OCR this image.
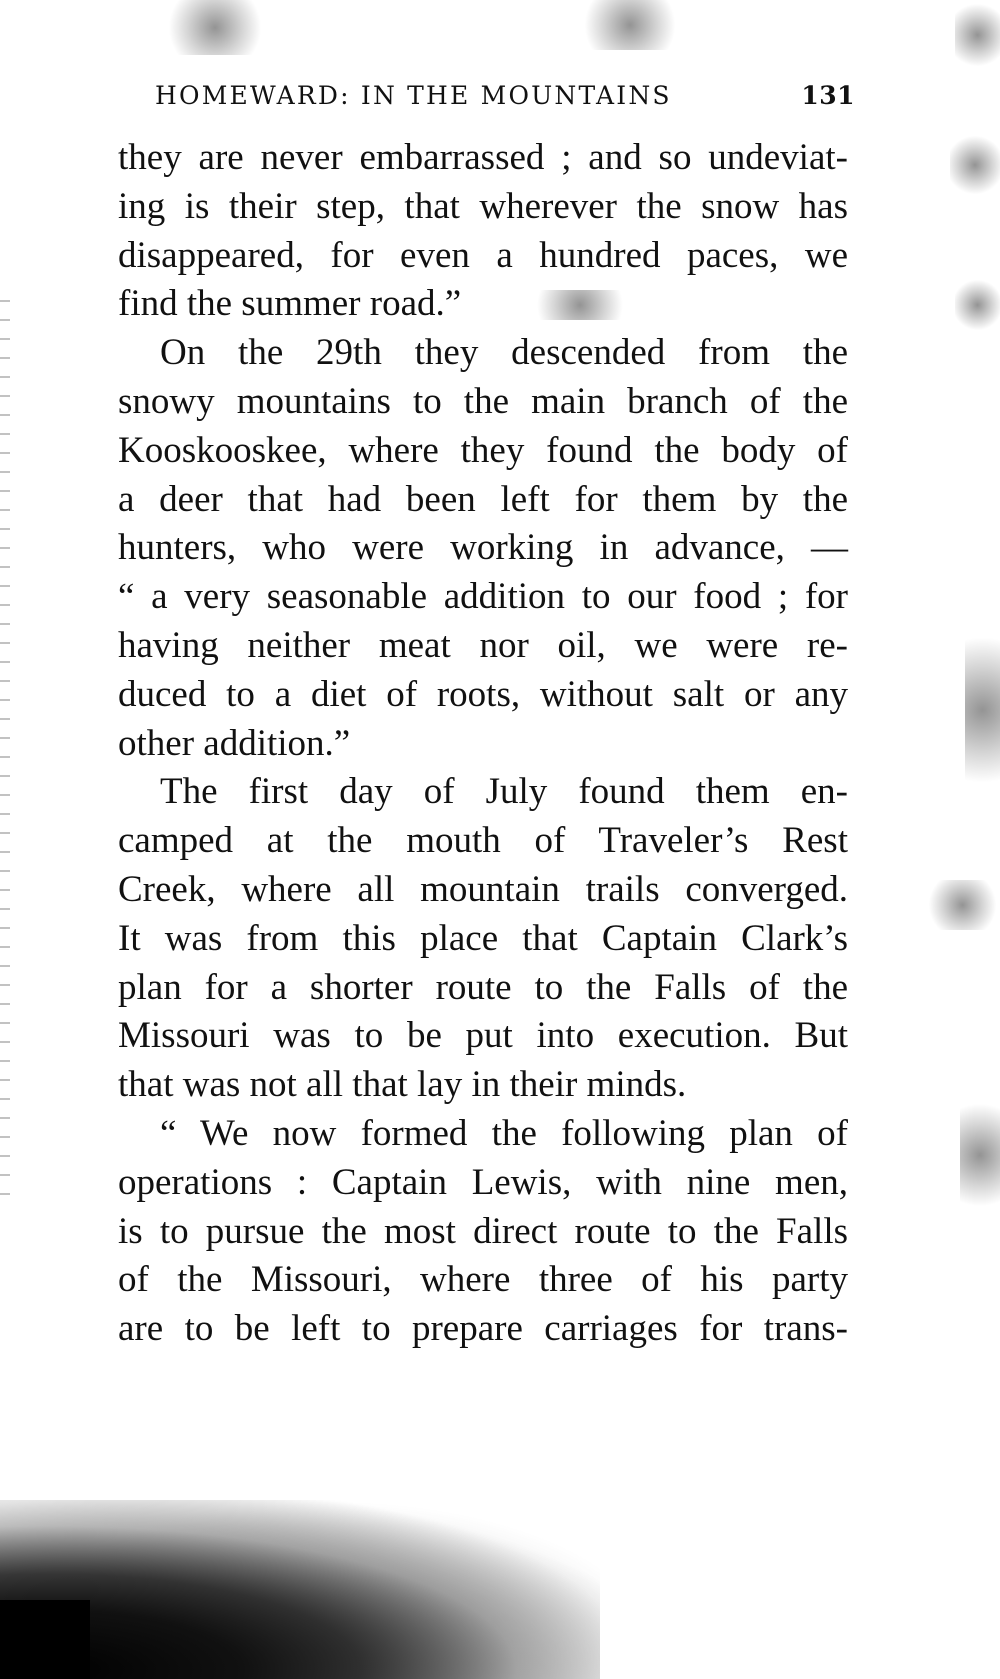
HOMEWARD: IN THE MOUNTAINS	131
they are never embarrassed ; and so undeviat-
ing is their step, that wherever the snow has
disappeared, for even a hundred paces, we
find the summer road.”
On the 29th they descended from the
snowy mountains to the main branch of the
Kooskooskee, where they found the body of
a deer that had been left for them by the
hunters, who were working in advance, —
“ a very seasonable addition to our food ; for
having neither meat nor oil, we were re-
duced to a diet of roots, without salt or any
other addition.”
The first day of July found them en-
camped at the mouth of Traveler’s Rest
Creek, where all mountain trails converged.
It was from this place that Captain Clark’s
plan for a shorter route to the Falls of the
Missouri was to be put into execution. But
that was not all that lay in their minds.
“ We now formed the following plan of
operations : Captain Lewis, with nine men,
is to pursue the most direct route to the Falls
of the Missouri, where three of his party
are to be left to prepare carriages for trans-
